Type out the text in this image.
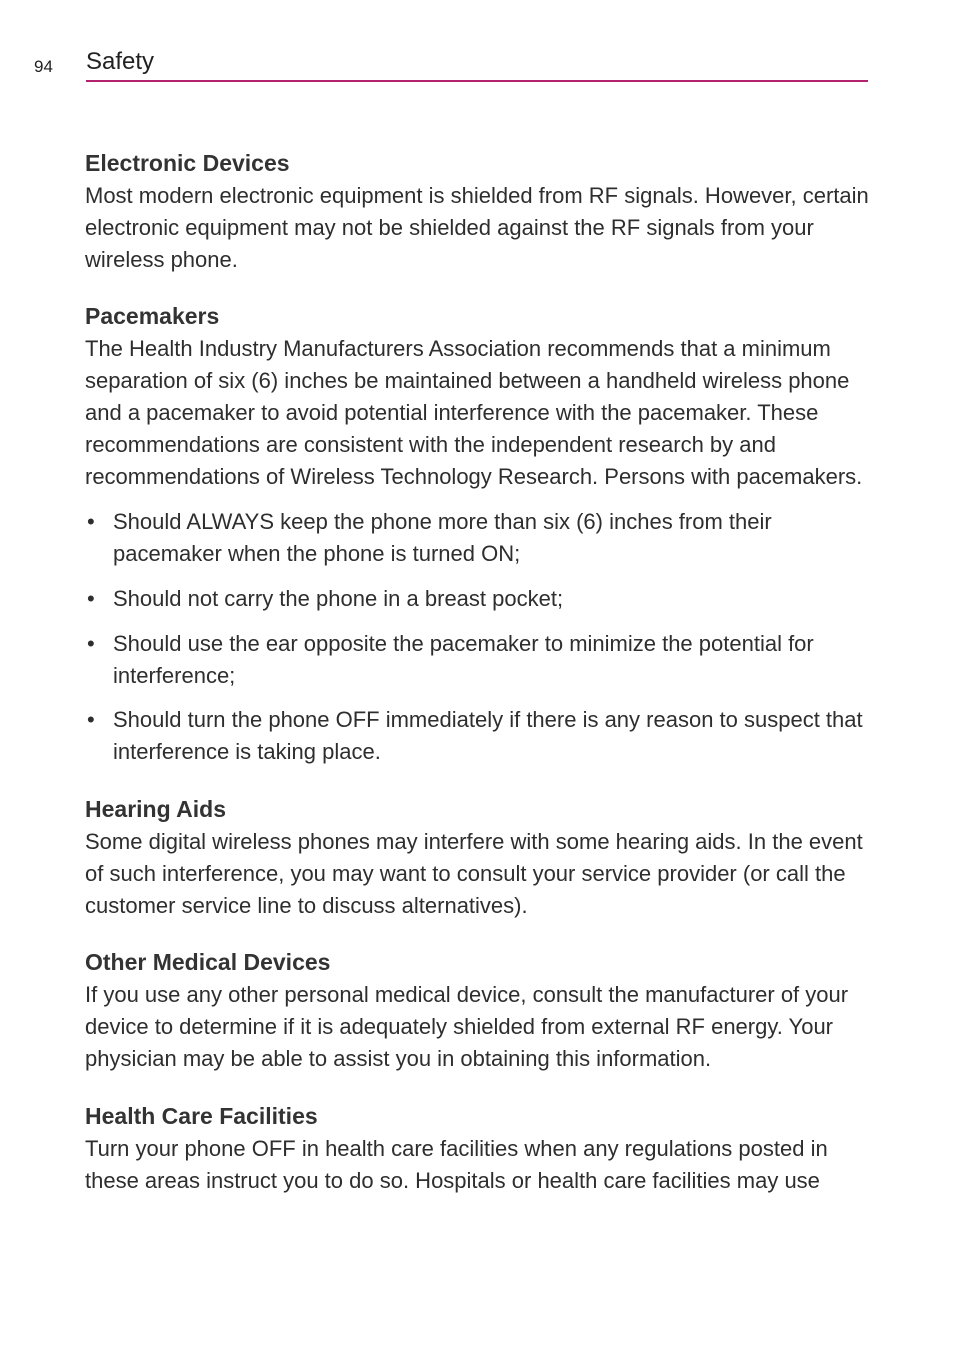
94 Safety
Electronic Devices

Most modern electronic equipment is shielded from RF signals. However, certain electronic equipment may not be shielded against the RF signals from your wireless phone.

Pacemakers

The Health Industry Manufacturers Association recommends that a minimum separation of six (6) inches be maintained between a handheld wireless phone and a pacemaker to avoid potential interference with the pacemaker. These recommendations are consistent with the independent research by and recommendations of Wireless Technology Research. Persons with pacemakers.

• Should ALWAYS keep the phone more than six (6) inches from their pacemaker when the phone is turned ON;
• Should not carry the phone in a breast pocket;
• Should use the ear opposite the pacemaker to minimize the potential for interference;
• Should turn the phone OFF immediately if there is any reason to suspect that interference is taking place.
Hearing Aids

Some digital wireless phones may interfere with some hearing aids. In the event of such interference, you may want to consult your service provider (or call the customer service line to discuss alternatives).

Other Medical Devices

If you use any other personal medical device, consult the manufacturer of your device to determine if it is adequately shielded from external RF energy. Your physician may be able to assist you in obtaining this information.

Health Care Facilities

Turn your phone OFF in health care facilities when any regulations posted in these areas instruct you to do so. Hospitals or health care facilities may use
